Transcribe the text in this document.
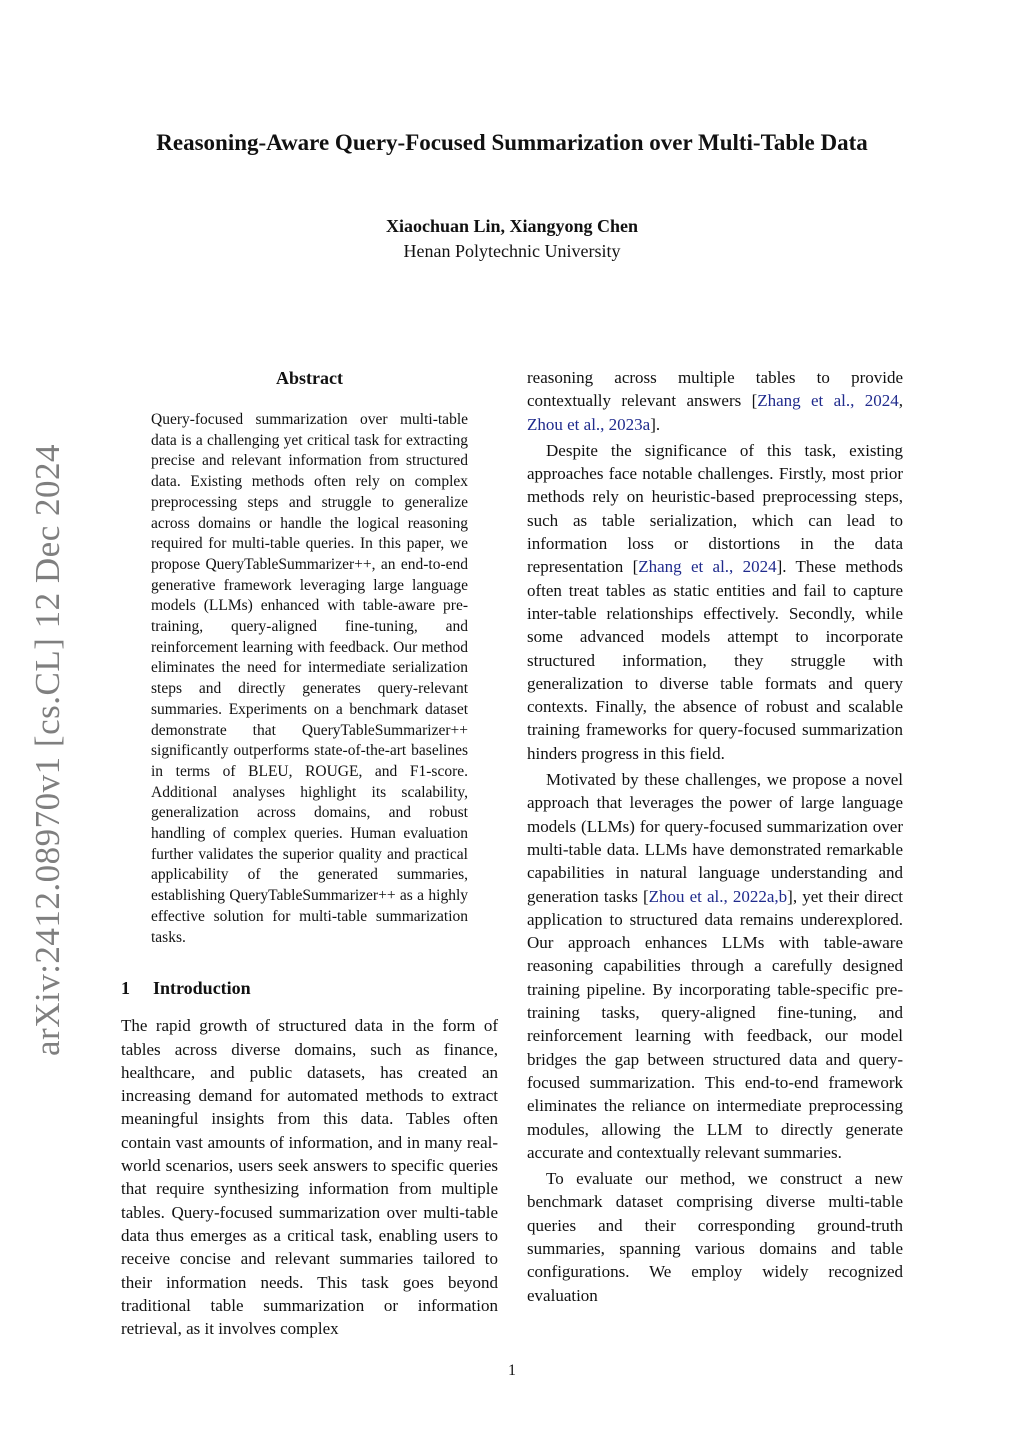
arXiv:2412.08970v1 [cs.CL] 12 Dec 2024
Reasoning-Aware Query-Focused Summarization over Multi-Table Data
Xiaochuan Lin, Xiangyong Chen
Henan Polytechnic University
Abstract
Query-focused summarization over multi-table data is a challenging yet critical task for extracting precise and relevant information from structured data. Existing methods often rely on complex preprocessing steps and struggle to generalize across domains or handle the logical reasoning required for multi-table queries. In this paper, we propose QueryTableSummarizer++, an end-to-end generative framework leveraging large language models (LLMs) enhanced with table-aware pre-training, query-aligned fine-tuning, and reinforcement learning with feedback. Our method eliminates the need for intermediate serialization steps and directly generates query-relevant summaries. Experiments on a benchmark dataset demonstrate that QueryTableSummarizer++ significantly outperforms state-of-the-art baselines in terms of BLEU, ROUGE, and F1-score. Additional analyses highlight its scalability, generalization across domains, and robust handling of complex queries. Human evaluation further validates the superior quality and practical applicability of the generated summaries, establishing QueryTableSummarizer++ as a highly effective solution for multi-table summarization tasks.
1 Introduction

The rapid growth of structured data in the form of tables across diverse domains, such as finance, healthcare, and public datasets, has created an increasing demand for automated methods to extract meaningful insights from this data. Tables often contain vast amounts of information, and in many real-world scenarios, users seek answers to specific queries that require synthesizing information from multiple tables. Query-focused summarization over multi-table data thus emerges as a critical task, enabling users to receive concise and relevant summaries tailored to their information needs. This task goes beyond traditional table summarization or information retrieval, as it involves complex

reasoning across multiple tables to provide contextually relevant answers [Zhang et al., 2024, Zhou et al., 2023a].

Despite the significance of this task, existing approaches face notable challenges. Firstly, most prior methods rely on heuristic-based preprocessing steps, such as table serialization, which can lead to information loss or distortions in the data representation [Zhang et al., 2024]. These methods often treat tables as static entities and fail to capture inter-table relationships effectively. Secondly, while some advanced models attempt to incorporate structured information, they struggle with generalization to diverse table formats and query contexts. Finally, the absence of robust and scalable training frameworks for query-focused summarization hinders progress in this field.

Motivated by these challenges, we propose a novel approach that leverages the power of large language models (LLMs) for query-focused summarization over multi-table data. LLMs have demonstrated remarkable capabilities in natural language understanding and generation tasks [Zhou et al., 2022a,b], yet their direct application to structured data remains underexplored. Our approach enhances LLMs with table-aware reasoning capabilities through a carefully designed training pipeline. By incorporating table-specific pre-training tasks, query-aligned fine-tuning, and reinforcement learning with feedback, our model bridges the gap between structured data and query-focused summarization. This end-to-end framework eliminates the reliance on intermediate preprocessing modules, allowing the LLM to directly generate accurate and contextually relevant summaries.

To evaluate our method, we construct a new benchmark dataset comprising diverse multi-table queries and their corresponding ground-truth summaries, spanning various domains and table configurations. We employ widely recognized evaluation

1
